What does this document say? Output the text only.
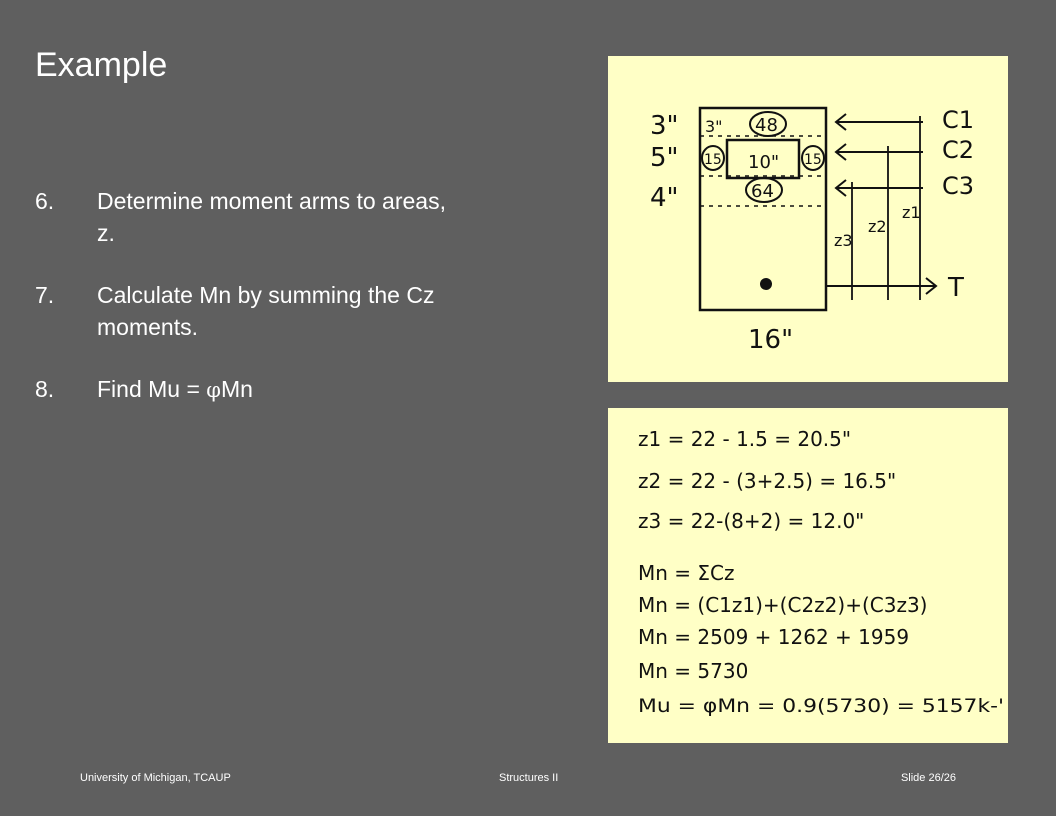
Example
6. Determine moment arms to areas, z.
7. Calculate Mn by summing the Cz moments.
8. Find Mu = φMn
3"
5"
4"
3"
16"
10"
48
15	15
64
C1
C2
C3
T
z1
z2
z3
z1 = 22 - 1.5 = 20.5"
z2 = 22 - (3+2.5) = 16.5"
z3 = 22-(8+2) = 12.0"
Mn = ΣCz
Mn = (C1z1)+(C2z2)+(C3z3)
Mn = 2509 + 1262 + 1959
Mn = 5730
Mu = φMn = 0.9(5730) = 5157k-'
University of Michigan, TCAUP	Structures II	Slide 26/26
